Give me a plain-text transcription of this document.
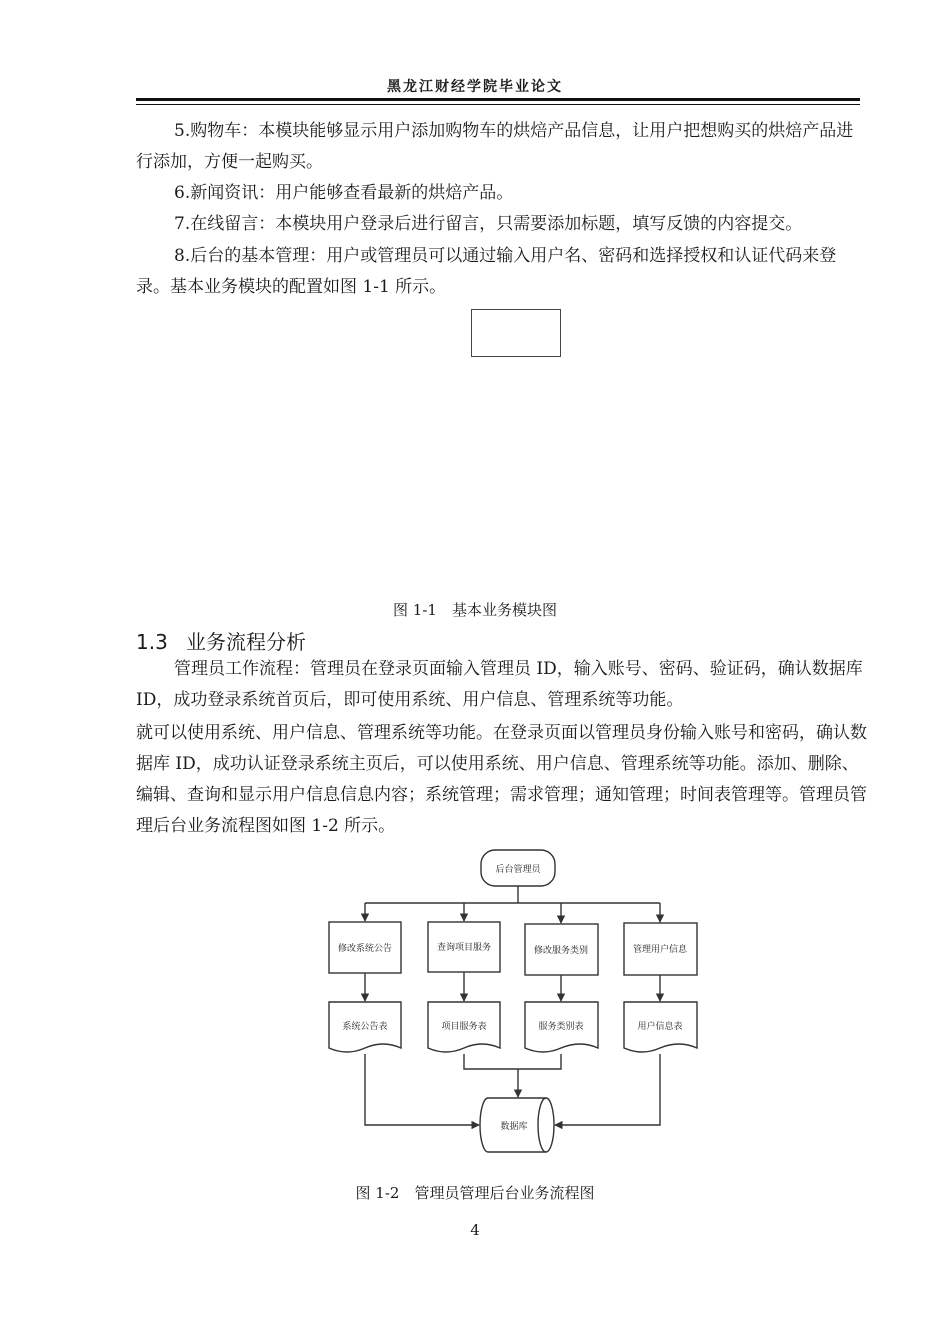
黑龙江财经学院毕业论文

5.购物车：本模块能够显示用户添加购物车的烘焙产品信息，让用户把想购买的烘焙产品进行添加，方便一起购买。

6.新闻资讯：用户能够查看最新的烘焙产品。

7.在线留言：本模块用户登录后进行留言，只需要添加标题，填写反馈的内容提交。

8.后台的基本管理：用户或管理员可以通过输入用户名、密码和选择授权和认证代码来登录。基本业务模块的配置如图 1-1 所示。

图 1-1　基本业务模块图
1.3 业务流程分析

管理员工作流程：管理员在登录页面输入管理员 ID，输入账号、密码、验证码，确认数据库 ID，成功登录系统首页后，即可使用系统、用户信息、管理系统等功能。

就可以使用系统、用户信息、管理系统等功能。在登录页面以管理员身份输入账号和密码，确认数据库 ID，成功认证登录系统主页后，可以使用系统、用户信息、管理系统等功能。添加、删除、编辑、查询和显示用户信息信息内容；系统管理；需求管理；通知管理；时间表管理等。管理员管理后台业务流程图如图 1-2 所示。

后台管理员
修改系统公告	查询项目服务	修改服务类别	管理用户信息
系统公告表	项目服务表	服务类别表	用户信息表
数据库
图 1-2　管理员管理后台业务流程图
4
